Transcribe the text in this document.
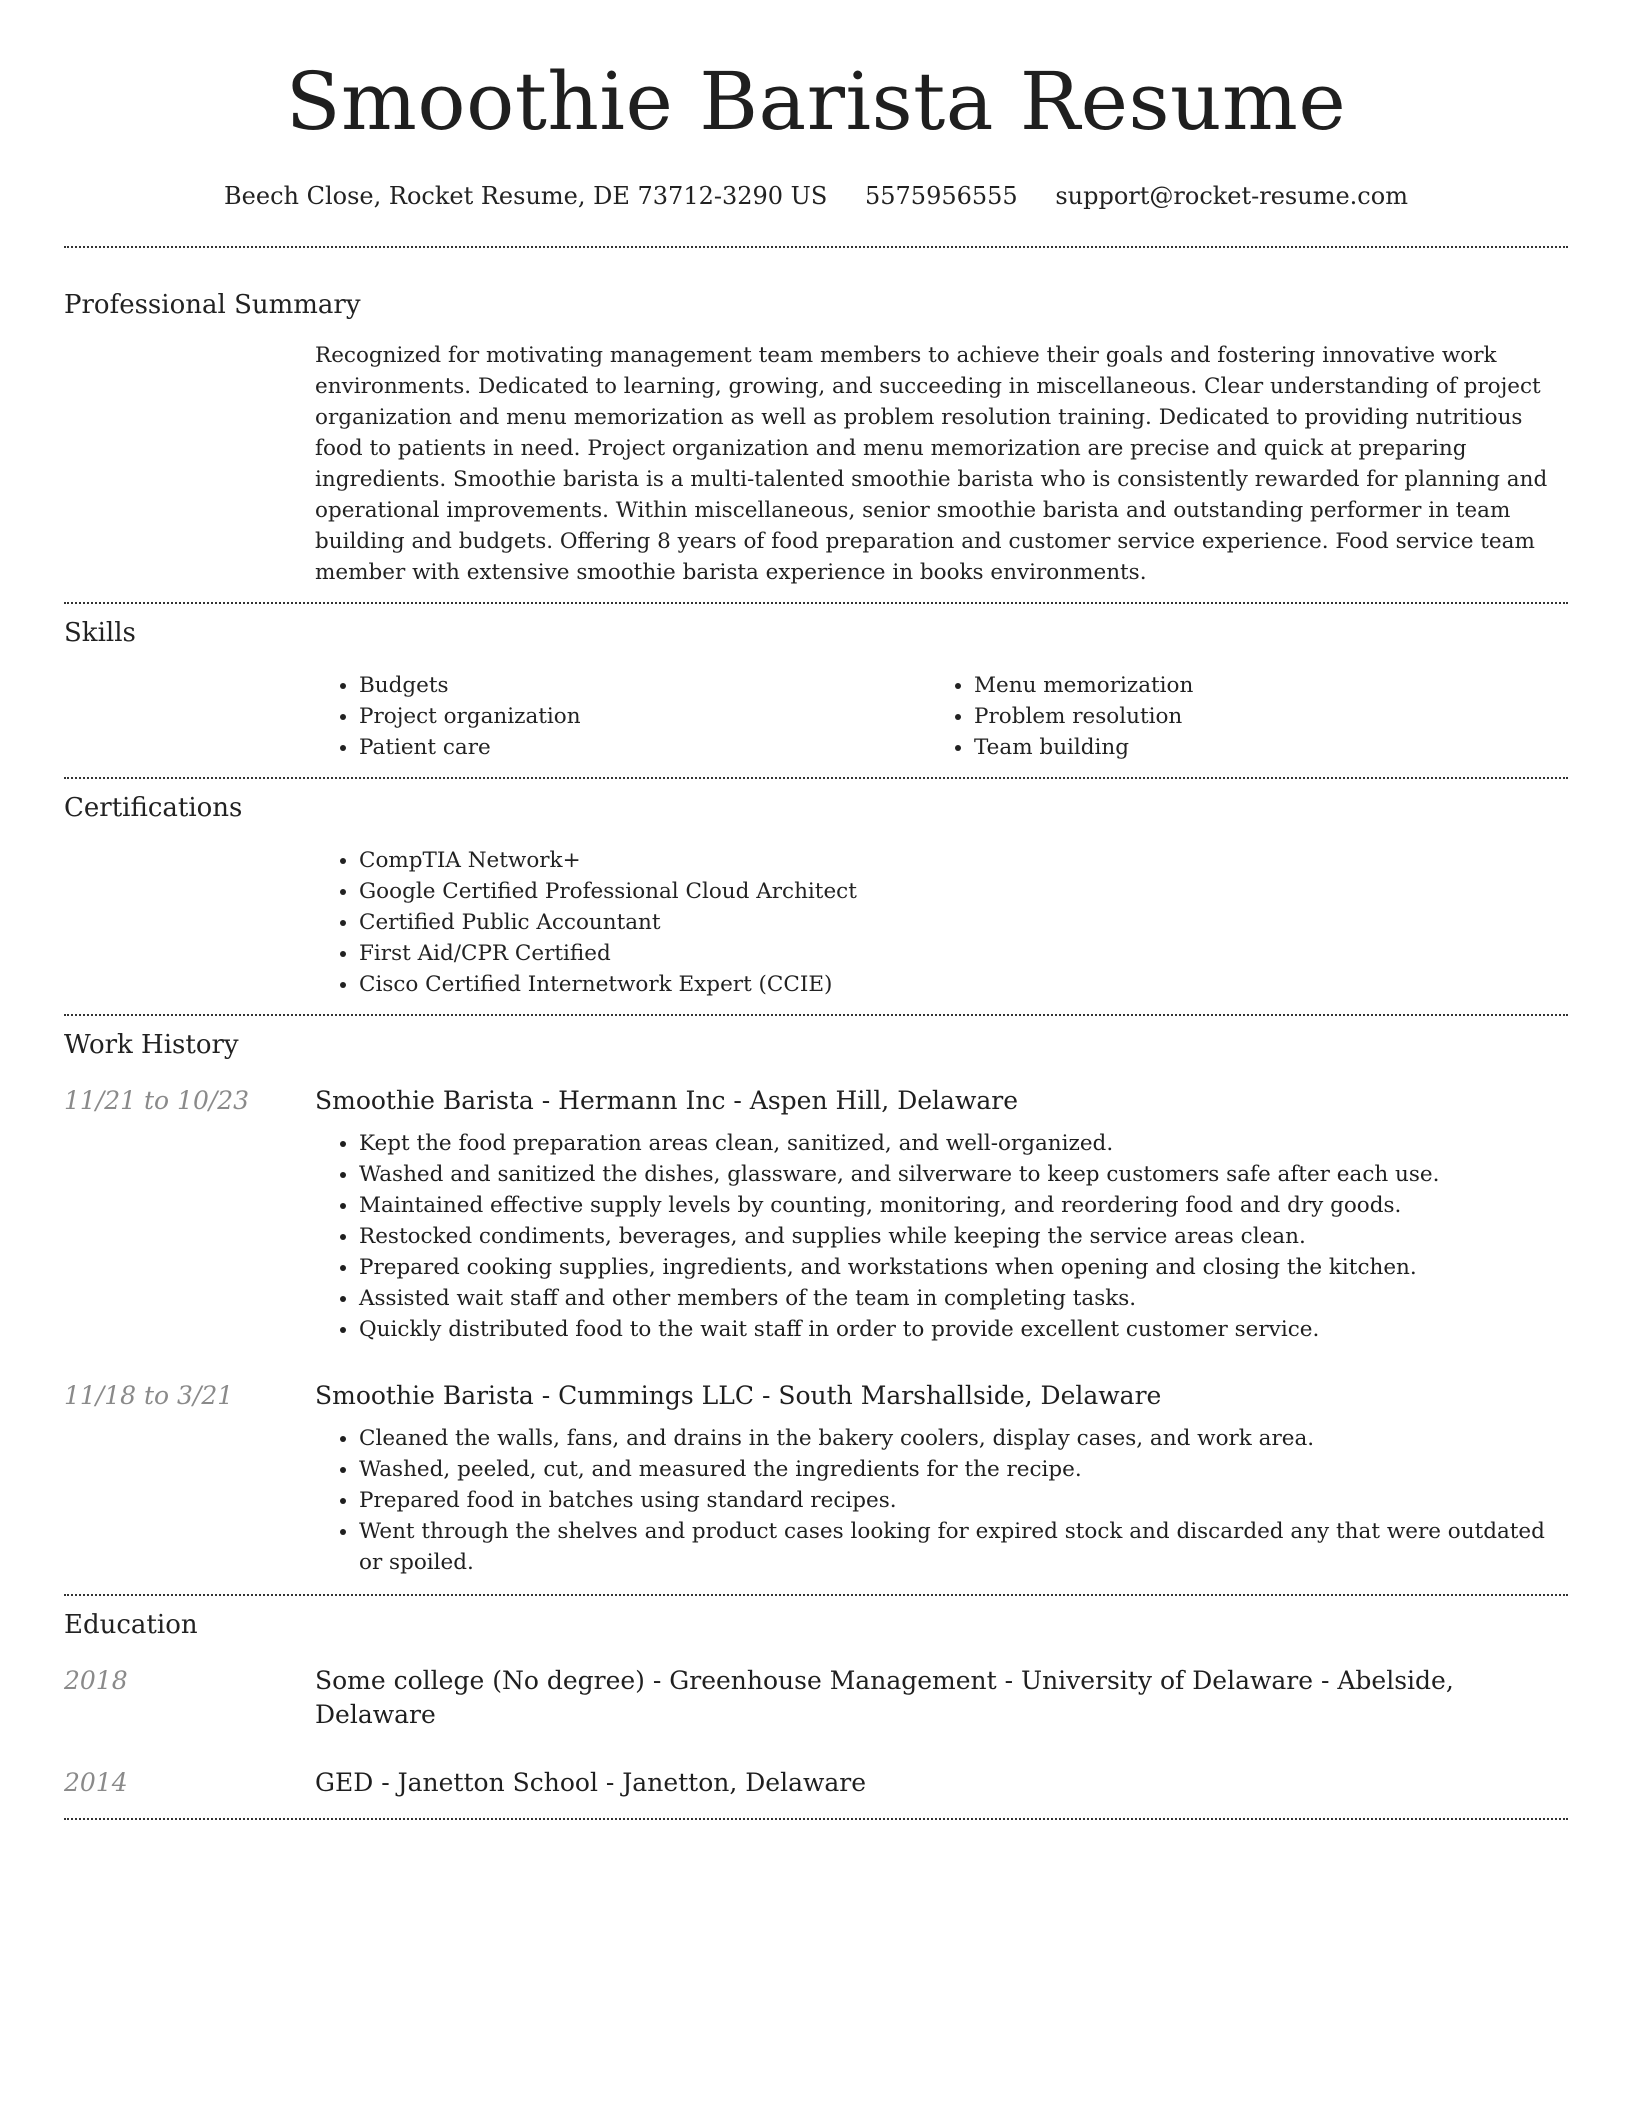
Smoothie Barista Resume
Beech Close, Rocket Resume, DE 73712-3290 US 5575956555 support@rocket-resume.com
Professional Summary

Recognized for motivating management team members to achieve their goals and fostering innovative work environments. Dedicated to learning, growing, and succeeding in miscellaneous. Clear understanding of project organization and menu memorization as well as problem resolution training. Dedicated to providing nutritious food to patients in need. Project organization and menu memorization are precise and quick at preparing ingredients. Smoothie barista is a multi-talented smoothie barista who is consistently rewarded for planning and operational improvements. Within miscellaneous, senior smoothie barista and outstanding performer in team building and budgets. Offering 8 years of food preparation and customer service experience. Food service team member with extensive smoothie barista experience in books environments.

Skills
• Budgets
• Project organization
• Patient care
• Menu memorization
• Problem resolution
• Team building
Certifications
• CompTIA Network+
• Google Certified Professional Cloud Architect
• Certified Public Accountant
• First Aid/CPR Certified
• Cisco Certified Internetwork Expert (CCIE)
Work History
11/21 to 10/23	Smoothie Barista - Hermann Inc - Aspen Hill, Delaware
• Kept the food preparation areas clean, sanitized, and well-organized.
• Washed and sanitized the dishes, glassware, and silverware to keep customers safe after each use.
• Maintained effective supply levels by counting, monitoring, and reordering food and dry goods.
• Restocked condiments, beverages, and supplies while keeping the service areas clean.
• Prepared cooking supplies, ingredients, and workstations when opening and closing the kitchen.
• Assisted wait staff and other members of the team in completing tasks.
• Quickly distributed food to the wait staff in order to provide excellent customer service.
11/18 to 3/21	Smoothie Barista - Cummings LLC - South Marshallside, Delaware
• Cleaned the walls, fans, and drains in the bakery coolers, display cases, and work area.
• Washed, peeled, cut, and measured the ingredients for the recipe.
• Prepared food in batches using standard recipes.
• Went through the shelves and product cases looking for expired stock and discarded any that were outdated or spoiled.
Education
2018	Some college (No degree) - Greenhouse Management - University of Delaware - Abelside, Delaware
2014	GED - Janetton School - Janetton, Delaware
